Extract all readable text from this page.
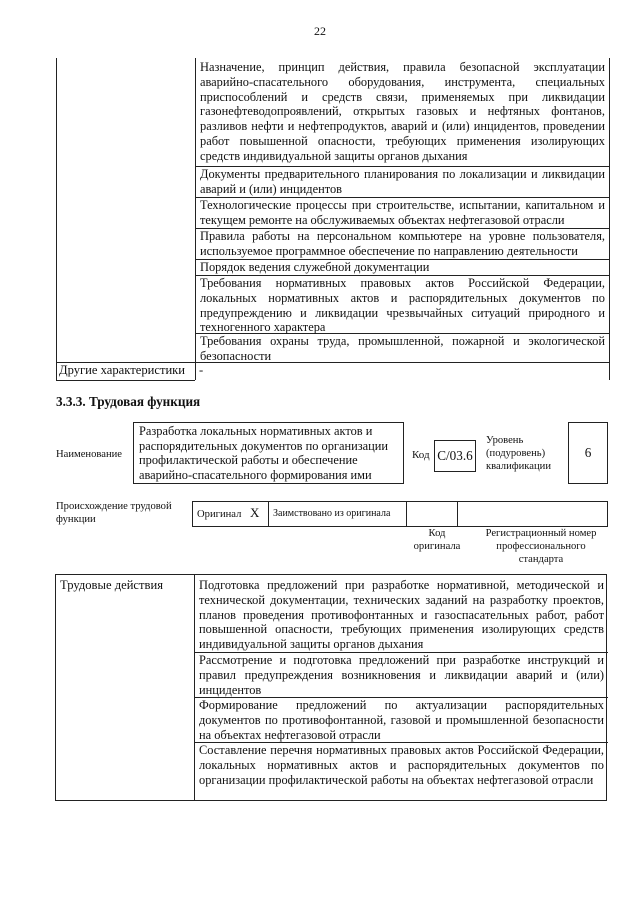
22
Другие характеристики
Назначение, принцип действия, правила безопасной эксплуатации аварийно-спасательного оборудования, инструмента, специальных приспособлений и средств связи, применяемых при ликвидации газонефтеводопроявлений, открытых газовых и нефтяных фонтанов, разливов нефти и нефтепродуктов, аварий и (или) инцидентов, проведении работ повышенной опасности, требующих применения изолирующих средств индивидуальной защиты органов дыхания
Документы предварительного планирования по локализации и ликвидации аварий и (или) инцидентов
Технологические процессы при строительстве, испытании, капитальном и текущем ремонте на обслуживаемых объектах нефтегазовой отрасли
Правила работы на персональном компьютере на уровне пользователя, используемое программное обеспечение по направлению деятельности
Порядок ведения служебной документации
Требования нормативных правовых актов Российской Федерации, локальных нормативных актов и распорядительных документов по предупреждению и ликвидации чрезвычайных ситуаций природного и техногенного характера
Требования охраны труда, промышленной, пожарной и экологической безопасности
-
3.3.3. Трудовая функция
Наименование
Разработка локальных нормативных актов и распорядительных документов по организации профилактической работы и обеспечение аварийно-спасательного формирования ими
Код C/03.6
Уровень (подуровень) квалификации
6
Происхождение трудовой функции	Оригинал X Заимствовано из оригинала
Код оригинала
Регистрационный номер профессионального стандарта
Трудовые действия	Подготовка предложений при разработке нормативной, методической и технической документации, технических заданий на разработку проектов, планов проведения противофонтанных и газоспасательных работ, работ повышенной опасности, требующих применения изолирующих средств индивидуальной защиты органов дыхания
Рассмотрение и подготовка предложений при разработке инструкций и правил предупреждения возникновения и ликвидации аварий и (или) инцидентов
Формирование предложений по актуализации распорядительных документов по противофонтанной, газовой и промышленной безопасности на объектах нефтегазовой отрасли
Составление перечня нормативных правовых актов Российской Федерации, локальных нормативных актов и распорядительных документов по организации профилактической работы на объектах нефтегазовой отрасли
